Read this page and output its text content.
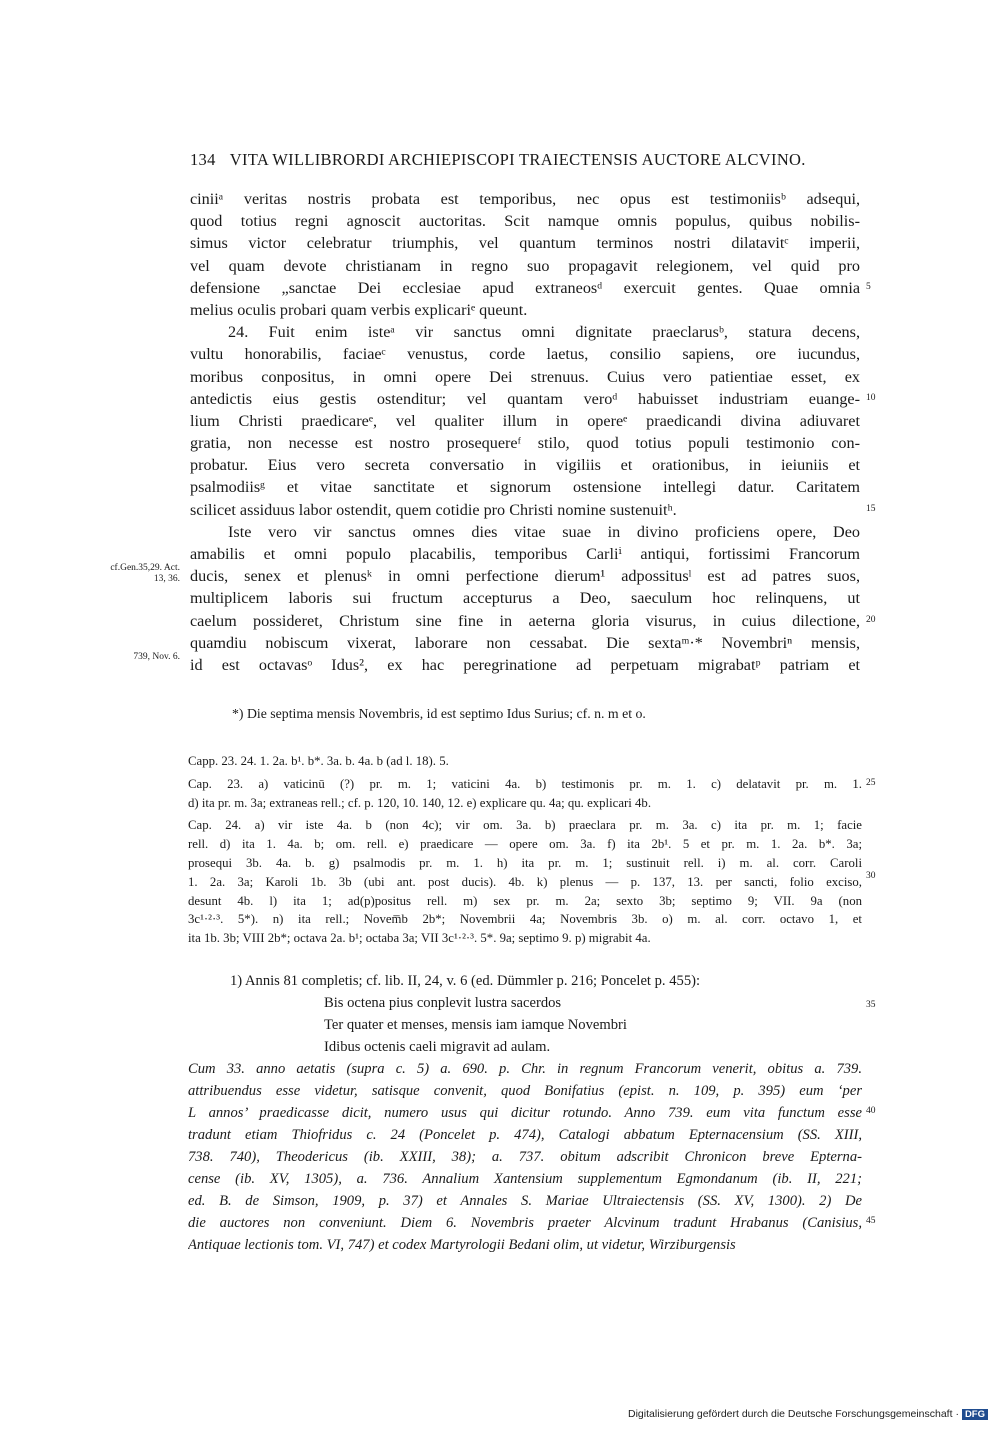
134 VITA WILLIBRORDI ARCHIEPISCOPI TRAIECTENSIS AUCTORE ALCVINO.
ciniiᵃ veritas nostris probata est temporibus, nec opus est testimoniisᵇ adsequi,
quod totius regni agnoscit auctoritas. Scit namque omnis populus, quibus nobilis-
simus victor celebratur triumphis, vel quantum terminos nostri dilatavitᶜ imperii,
vel quam devote christianam in regno suo propagavit relegionem, vel quid pro
defensione „sanctae Dei ecclesiae apud extraneosᵈ exercuit gentes. Quae omnia
melius oculis probari quam verbis explicariᵉ queunt.
24. Fuit enim isteᵃ vir sanctus omni dignitate praeclarusᵇ, statura decens,
vultu honorabilis, faciaeᶜ venustus, corde laetus, consilio sapiens, ore iucundus,
moribus conpositus, in omni opere Dei strenuus. Cuius vero patientiae esset, ex
antedictis eius gestis ostenditur; vel quantam veroᵈ habuisset industriam euange-
lium Christi praedicareᵉ, vel qualiter illum in opereᵉ praedicandi divina adiuvaret
gratia, non necesse est nostro prosequereᶠ stilo, quod totius populi testimonio con-
probatur. Eius vero secreta conversatio in vigiliis et orationibus, in ieiuniis et
psalmodiisᵍ et vitae sanctitate et signorum ostensione intellegi datur. Caritatem
scilicet assiduus labor ostendit, quem cotidie pro Christi nomine sustenuitʰ.
Iste vero vir sanctus omnes dies vitae suae in divino proficiens opere, Deo
amabilis et omni populo placabilis, temporibus Carliⁱ antiqui, fortissimi Francorum
ducis, senex et plenusᵏ in omni perfectione dierum¹ adpossitusˡ est ad patres suos,
multiplicem laboris sui fructum accepturus a Deo, saeculum hoc relinquens, ut
caelum possideret, Christum sine fine in aeterna gloria visurus, in cuius dilectione,
quamdiu nobiscum vixerat, laborare non cessabat. Die sextaᵐ·* Novembriⁿ mensis,
id est octavasᵒ Idus², ex hac peregrinatione ad perpetuam migrabatᵖ patriam et
5
10
15
20
cf.Gen.35,29. Act. 13, 36.
739, Nov. 6.
*) Die septima mensis Novembris, id est septimo Idus Surius; cf. n. m et o.
Capp. 23. 24. 1. 2a. b¹. b*. 3a. b. 4a. b (ad l. 18). 5.
Cap. 23. a) vaticinū (?) pr. m. 1; vaticini 4a. b) testimonis pr. m. 1. c) delatavit pr. m. 1.
d) ita pr. m. 3a; extraneas rell.; cf. p. 120, 10. 140, 12. e) explicare qu. 4a; qu. explicari 4b.
Cap. 24. a) vir iste 4a. b (non 4c); vir om. 3a. b) praeclara pr. m. 3a. c) ita pr. m. 1; facie
rell. d) ita 1. 4a. b; om. rell. e) praedicare — opere om. 3a. f) ita 2b¹. 5 et pr. m. 1. 2a. b*. 3a;
prosequi 3b. 4a. b. g) psalmodis pr. m. 1. h) ita pr. m. 1; sustinuit rell. i) m. al. corr. Caroli
1. 2a. 3a; Karoli 1b. 3b (ubi ant. post ducis). 4b. k) plenus — p. 137, 13. per sancti, folio exciso,
desunt 4b. l) ita 1; ad(p)positus rell. m) sex pr. m. 2a; sexto 3b; septimo 9; VII. 9a (non
3c¹·²·³. 5*). n) ita rell.; Novem̅b 2b*; Novembrii 4a; Novembris 3b. o) m. al. corr. octavo 1, et
ita 1b. 3b; VIII 2b*; octava 2a. b¹; octaba 3a; VII 3c¹·²·³. 5*. 9a; septimo 9. p) migrabit 4a.
25
30
1) Annis 81 completis; cf. lib. II, 24, v. 6 (ed. Dümmler p. 216; Poncelet p. 455):
Bis octena pius conplevit lustra sacerdos
Ter quater et menses, mensis iam iamque Novembri
Idibus octenis caeli migravit ad aulam.
Cum 33. anno aetatis (supra c. 5) a. 690. p. Chr. in regnum Francorum venerit, obitus a. 739.
attribuendus esse videtur, satisque convenit, quod Bonifatius (epist. n. 109, p. 395) eum ‘per
L annos’ praedicasse dicit, numero usus qui dicitur rotundo. Anno 739. eum vita functum esse
tradunt etiam Thiofridus c. 24 (Poncelet p. 474), Catalogi abbatum Epternacensium (SS. XIII,
738. 740), Theodericus (ib. XXIII, 38); a. 737. obitum adscribit Chronicon breve Epterna-
cense (ib. XV, 1305), a. 736. Annalium Xantensium supplementum Egmondanum (ib. II, 221;
ed. B. de Simson, 1909, p. 37) et Annales S. Mariae Ultraiectensis (SS. XV, 1300). 2) De
die auctores non conveniunt. Diem 6. Novembris praeter Alcvinum tradunt Hrabanus (Canisius,
Antiquae lectionis tom. VI, 747) et codex Martyrologii Bedani olim, ut videtur, Wirziburgensis
35
40
45
Digitalisierung gefördert durch die Deutsche Forschungsgemeinschaft · DFG
